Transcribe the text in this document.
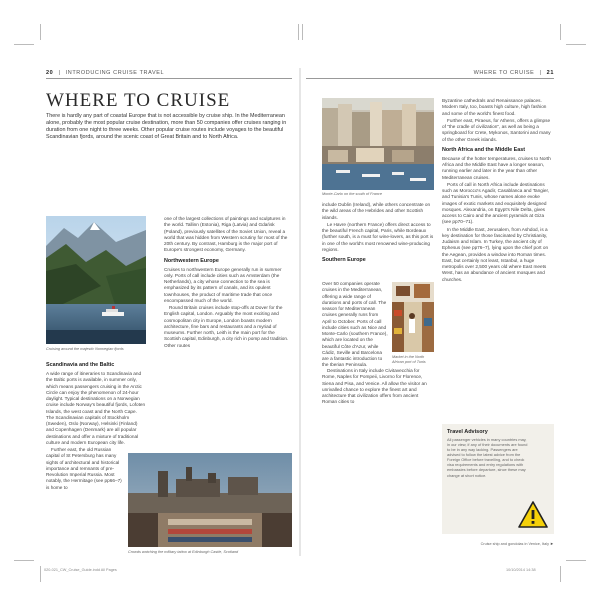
20 | INTRODUCING CRUISE TRAVEL
WHERE TO CRUISE
There is hardly any part of coastal Europe that is not accessible by cruise ship. In the Mediterranean alone, probably the most popular cruise destination, more than 50 companies offer cruises ranging in duration from one night to three weeks. Other popular cruise routes include voyages to the beautiful Scandinavian fjords, around the scenic coast of Great Britain and to North Africa.
Cruising around the majestic Norwegian fjords
Scandinavia and the Baltic

A wide range of itineraries to Scandinavia and the Baltic ports is available, in summer only, which means passengers cruising in the Arctic Circle can enjoy the phenomenon of 24-hour daylight. Typical destinations on a Norwegian cruise include Norway's beautiful fjords, Lofoten Islands, the west coast and the North Cape. The Scandinavian capitals of Stockholm (Sweden), Oslo (Norway), Helsinki (Finland) and Copenhagen (Denmark) are all popular destinations and offer a mixture of traditional culture and modern European city life.

Further east, the old Russian capital of St Petersburg has many sights of architectural and historical importance and remnants of pre-Revolution Imperial Russia. Most notably, the Hermitage (see pp66–7) is home to

one of the largest collections of paintings and sculptures in the world. Tallinn (Estonia), Riga (Latvia) and Gdańsk (Poland), previously satellites of the Soviet Union, reveal a world that was hidden from Western scrutiny for most of the 20th century. By contrast, Hamburg is the major port of Europe's strongest economy, Germany.

Northwestern Europe

Cruises to northwestern Europe generally run in summer only. Ports of call include cities such as Amsterdam (the Netherlands), a city whose connection to the sea is emphasized by its pattern of canals, and its opulent townhouses, the product of maritime trade that once encompassed much of the world.

Round Britain cruises include stop-offs at Dover for the English capital, London. Arguably the most exciting and cosmopolitan city in Europe, London boasts modern architecture, fine bars and restaurants and a myriad of museums. Further north, Leith is the main port for the Scottish capital, Edinburgh, a city rich in pomp and tradition. Other routes

Crowds watching the military tattoo at Edinburgh Castle, Scotland
WHERE TO CRUISE | 21
Monte-Carlo on the south of France

include Dublin (Ireland), while others concentrate on the wild areas of the Hebrides and other Scottish islands.

Le Havre (northern France) offers direct access to the beautiful French capital, Paris, while Bordeaux (further south, is a must for wine-lovers, as this port is in one of the world's most renowned wine-producing regions.

Southern Europe

Over 50 companies operate cruises in the Mediterranean, offering a wide range of durations and ports of call. The season for Mediterranean cruises generally runs from April to October. Ports of call include cities such as Nice and Monte-Carlo (southern France), which are located on the beautiful Côte d'Azur, while Cádiz, Seville and Barcelona are a fantastic introduction to the Iberian Peninsula.

Market in the North African port of Tunis

Destinations in Italy include Civitavecchia for Rome, Naples for Pompeii, Livorno for Florence, Siena and Pisa, and Venice. All allow the visitor an unrivalled chance to explore the finest art and architecture that civilization offers from ancient Roman cities to

Byzantine cathedrals and Renaissance palaces. Modern Italy, too, boasts high culture, high fashion and some of the world's finest food.

Further east, Piraeus, for Athens, offers a glimpse of "the cradle of civilization", as well as being a springboard for Crete, Mykonos, Santorini and many of the other Greek islands.

North Africa and the Middle East

Because of the hotter temperatures, cruises to North Africa and the Middle East have a longer season, running earlier and later in the year than other Mediterranean cruises.

Ports of call in North Africa include destinations such as Morocco's Agadir, Casablanca and Tangier, and Tunisia's Tunis, whose names alone evoke images of exotic markets and exquisitely designed mosques. Alexandria, on Egypt's Nile Delta, gives access to Cairo and the ancient pyramids at Giza (see pp70–71).

In the Middle East, Jerusalem, from Ashdod, is a key destination for those fascinated by Christianity, Judaism and Islam. In Turkey, the ancient city of Ephesus (see pp76–7), lying upon the chief port on the Aegean, provides a window into Roman times. East, but certainly not least, Istanbul, a huge metropolis over 2,500 years old where East meets West, has an abundance of ancient mosques and churches.

Travel Advisory
All passenger vehicles in many countries may, in our view, if any of their documents are found to be in any way lacking. Passengers are advised to follow the latest advice from the Foreign Office before travelling, and to check visa requirements and entry regulations with embassies before departure, since these may change at short notice.
Cruise ship and gondolas in Venice, Italy ►
020-021_CW_Cruise_Guide.indd All Pages	10/10/2014 14:38
